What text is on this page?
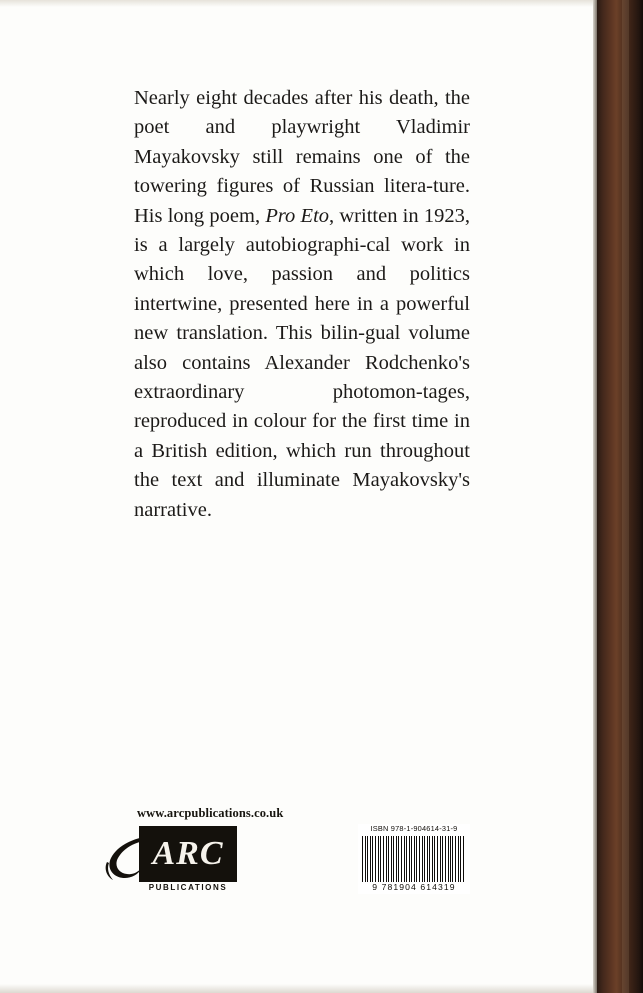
Nearly eight decades after his death, the poet and playwright Vladimir Mayakovsky still remains one of the towering figures of Russian litera-ture. His long poem, Pro Eto, written in 1923, is a largely autobiographi-cal work in which love, passion and politics intertwine, presented here in a powerful new translation. This bilin-gual volume also contains Alexander Rodchenko's extraordinary photomon-tages, reproduced in colour for the first time in a British edition, which run throughout the text and illuminate Mayakovsky's narrative.
www.arcpublications.co.uk
ARC
PUBLICATIONS
ISBN 978-1-904614-31-9
9 781904 614319
